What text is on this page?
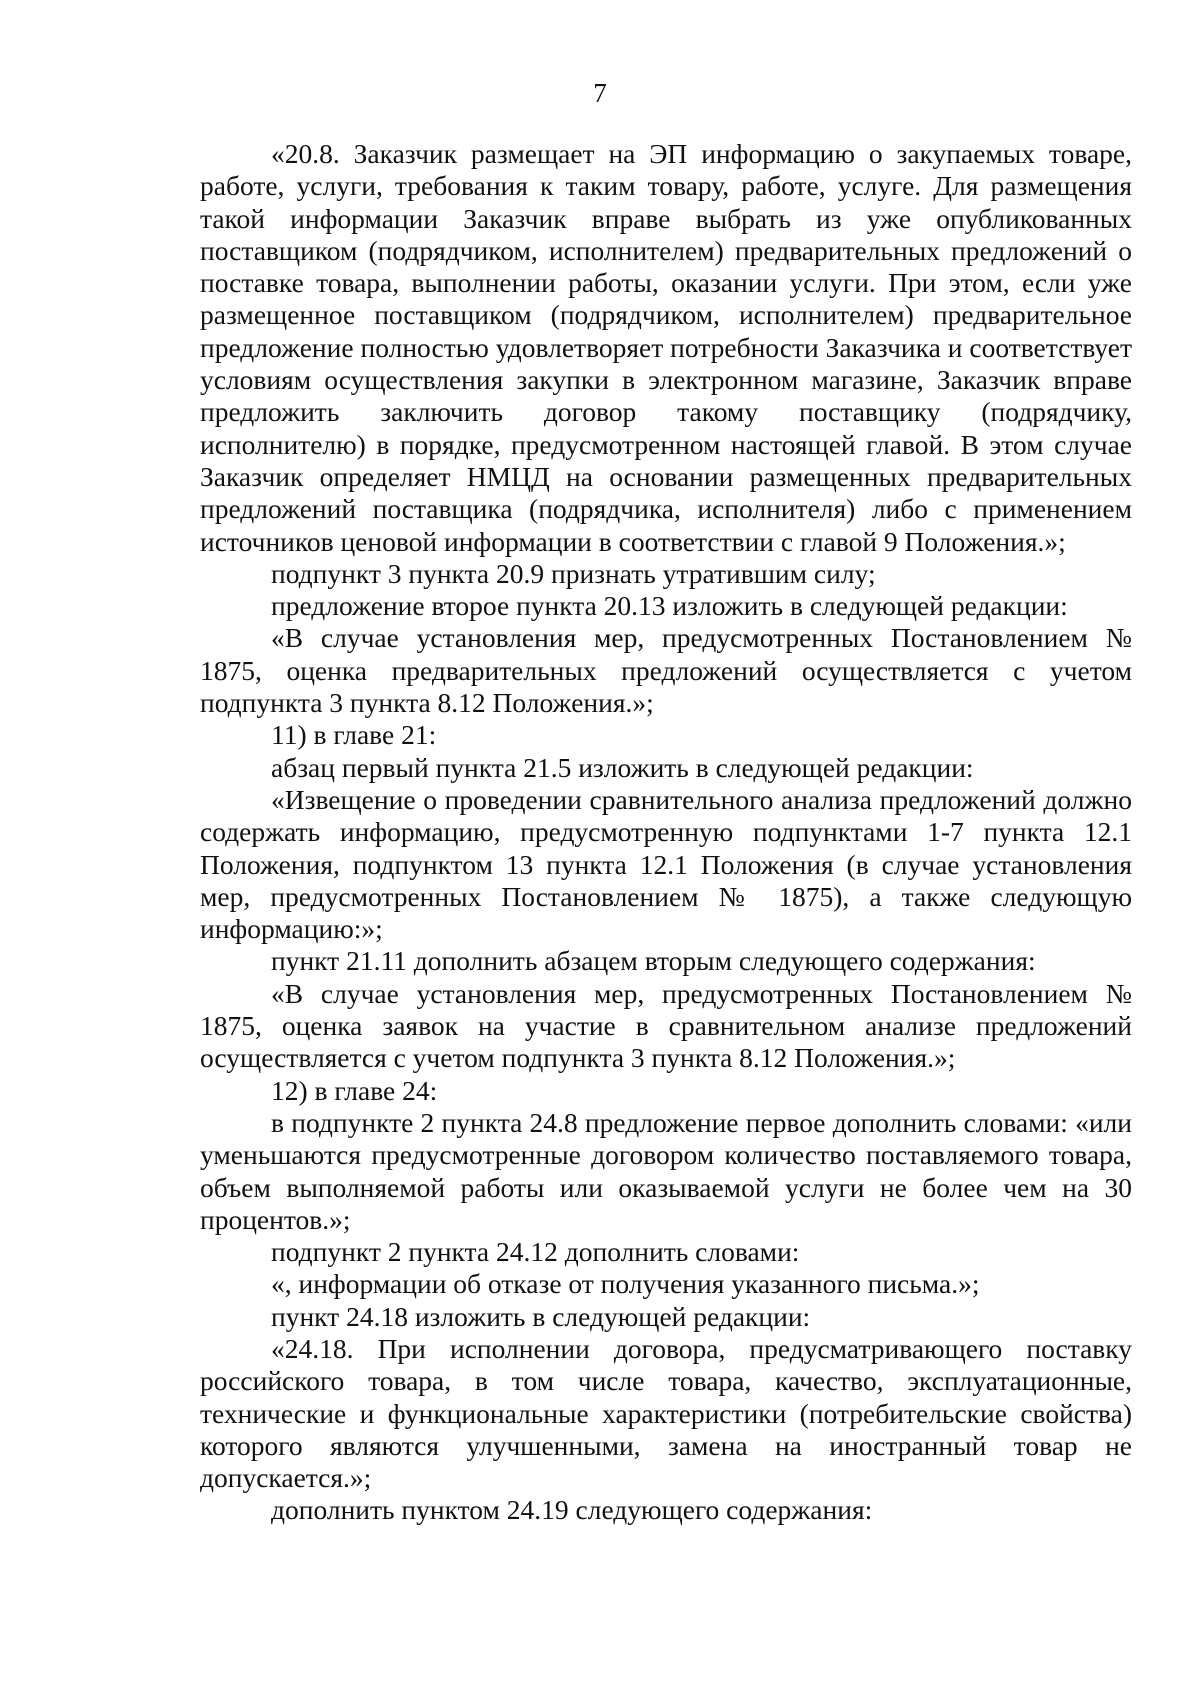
7

«20.8. Заказчик размещает на ЭП информацию о закупаемых товаре, работе, услуги, требования к таким товару, работе, услуге. Для размещения такой информации Заказчик вправе выбрать из уже опубликованных поставщиком (подрядчиком, исполнителем) предварительных предложений о поставке товара, выполнении работы, оказании услуги. При этом, если уже размещенное поставщиком (подрядчиком, исполнителем) предварительное предложение полностью удовлетворяет потребности Заказчика и соответствует условиям осуществления закупки в электронном магазине, Заказчик вправе предложить заключить договор такому поставщику (подрядчику, исполнителю) в порядке, предусмотренном настоящей главой. В этом случае Заказчик определяет НМЦД на основании размещенных предварительных предложений поставщика (подрядчика, исполнителя) либо с применением источников ценовой информации в соответствии с главой 9 Положения.»;

подпункт 3 пункта 20.9 признать утратившим силу;

предложение второе пункта 20.13 изложить в следующей редакции:

«В случае установления мер, предусмотренных Постановлением № 1875, оценка предварительных предложений осуществляется с учетом подпункта 3 пункта 8.12 Положения.»;

11) в главе 21:

абзац первый пункта 21.5 изложить в следующей редакции:

«Извещение о проведении сравнительного анализа предложений должно содержать информацию, предусмотренную подпунктами 1-7 пункта 12.1 Положения, подпунктом 13 пункта 12.1 Положения (в случае установления мер, предусмотренных Постановлением № 1875), а также следующую информацию:»;

пункт 21.11 дополнить абзацем вторым следующего содержания:

«В случае установления мер, предусмотренных Постановлением № 1875, оценка заявок на участие в сравнительном анализе предложений осуществляется с учетом подпункта 3 пункта 8.12 Положения.»;

12) в главе 24:

в подпункте 2 пункта 24.8 предложение первое дополнить словами: «или уменьшаются предусмотренные договором количество поставляемого товара, объем выполняемой работы или оказываемой услуги не более чем на 30 процентов.»;

подпункт 2 пункта 24.12 дополнить словами:

«, информации об отказе от получения указанного письма.»;

пункт 24.18 изложить в следующей редакции:

«24.18. При исполнении договора, предусматривающего поставку российского товара, в том числе товара, качество, эксплуатационные, технические и функциональные характеристики (потребительские свойства) которого являются улучшенными, замена на иностранный товар не допускается.»;

дополнить пунктом 24.19 следующего содержания:
